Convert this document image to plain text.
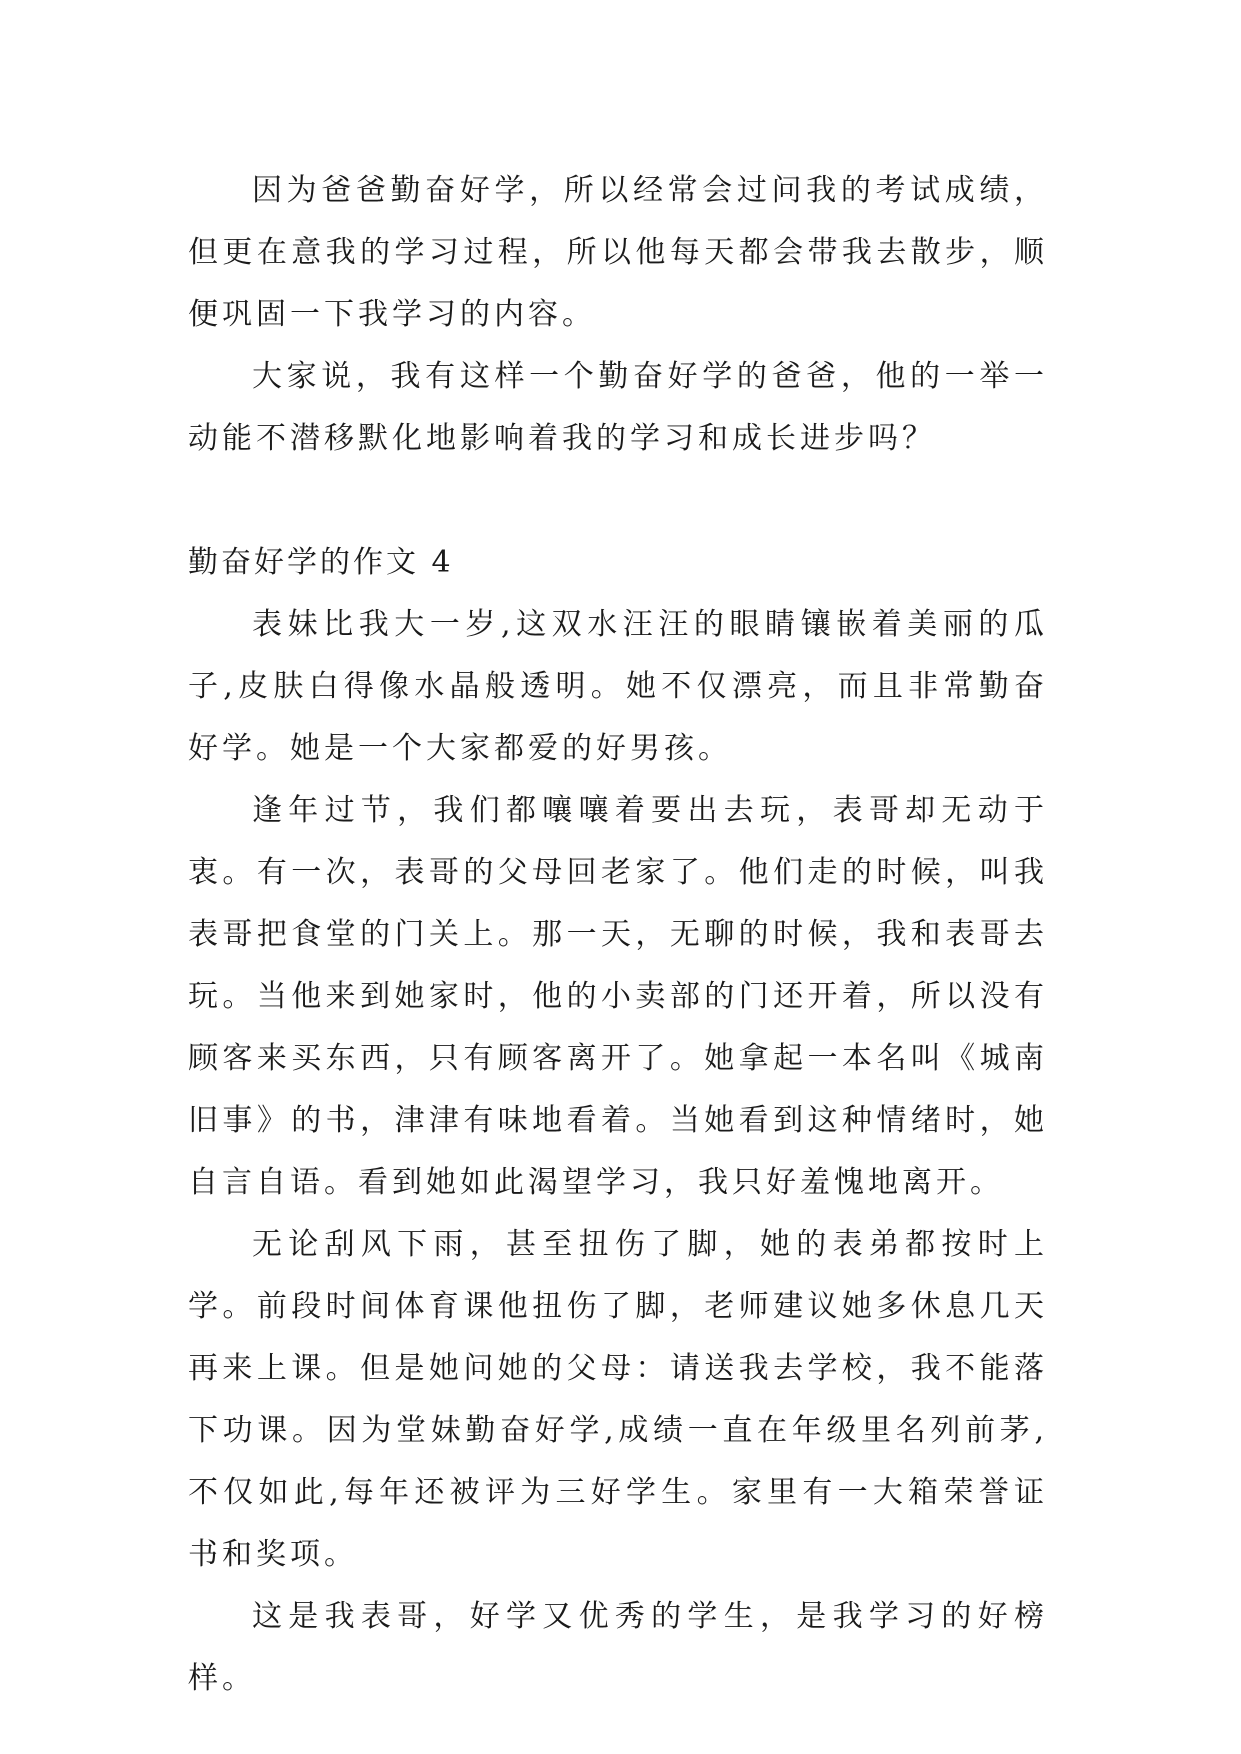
因为爸爸勤奋好学，所以经常会过问我的考试成绩，但更在意我的学习过程，所以他每天都会带我去散步，顺便巩固一下我学习的内容。

大家说，我有这样一个勤奋好学的爸爸，他的一举一动能不潜移默化地影响着我的学习和成长进步吗？

勤奋好学的作文 4

表妹比我大一岁,这双水汪汪的眼睛镶嵌着美丽的瓜子,皮肤白得像水晶般透明。她不仅漂亮，而且非常勤奋好学。她是一个大家都爱的好男孩。

逢年过节，我们都嚷嚷着要出去玩，表哥却无动于衷。有一次，表哥的父母回老家了。他们走的时候，叫我表哥把食堂的门关上。那一天，无聊的时候，我和表哥去玩。当他来到她家时，他的小卖部的门还开着，所以没有顾客来买东西，只有顾客离开了。她拿起一本名叫《城南旧事》的书，津津有味地看着。当她看到这种情绪时，她自言自语。看到她如此渴望学习，我只好羞愧地离开。

无论刮风下雨，甚至扭伤了脚，她的表弟都按时上学。前段时间体育课他扭伤了脚，老师建议她多休息几天再来上课。但是她问她的父母：请送我去学校，我不能落下功课。因为堂妹勤奋好学,成绩一直在年级里名列前茅,不仅如此,每年还被评为三好学生。家里有一大箱荣誉证书和奖项。

这是我表哥，好学又优秀的学生，是我学习的好榜样。
